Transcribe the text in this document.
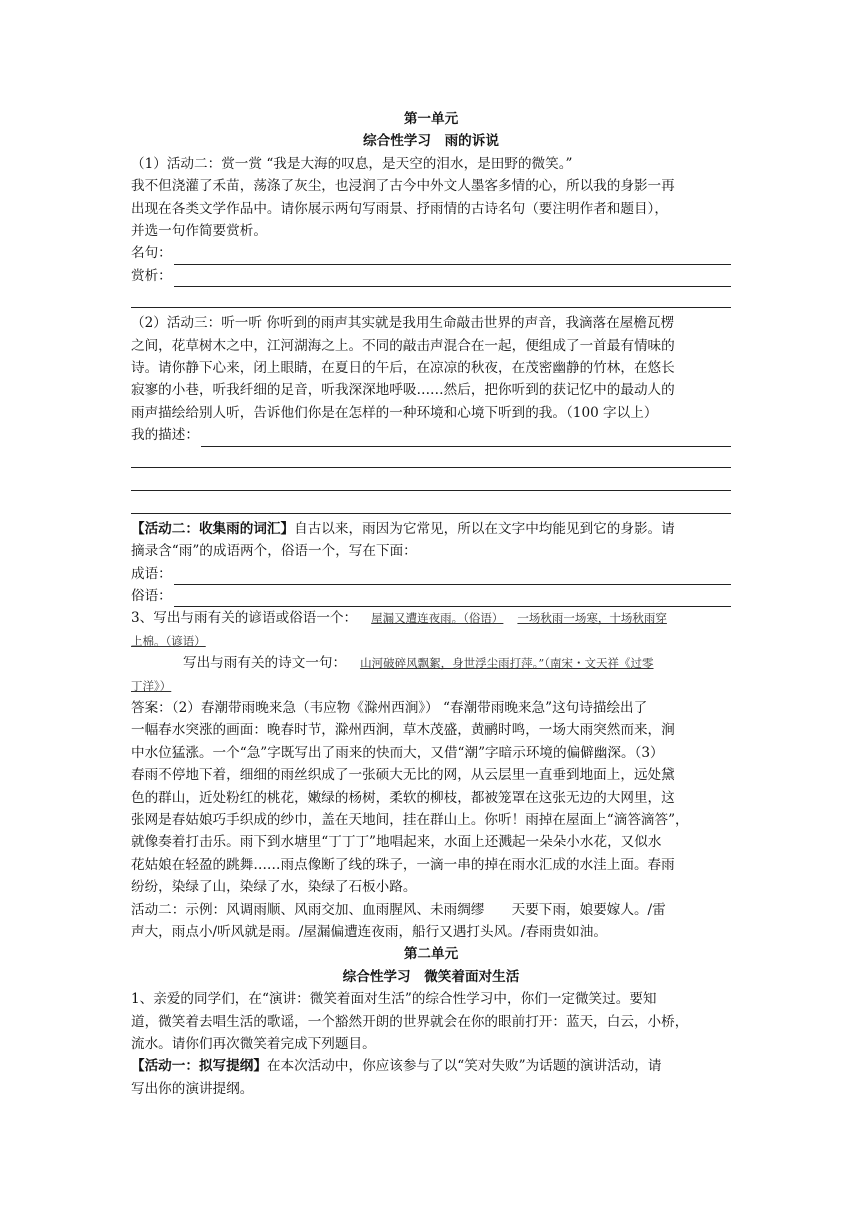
第一单元
综合性学习　雨的诉说
（1）活动二：赏一赏 “我是大海的叹息，是天空的泪水，是田野的微笑。”
我不但浇灌了禾苗，荡涤了灰尘，也浸润了古今中外文人墨客多情的心，所以我的身影一再
出现在各类文学作品中。请你展示两句写雨景、抒雨情的古诗名句（要注明作者和题目），
并选一句作简要赏析。
名句：
赏析：
（2）活动三：听一听 你听到的雨声其实就是我用生命敲击世界的声音，我滴落在屋檐瓦楞
之间，花草树木之中，江河湖海之上。不同的敲击声混合在一起，便组成了一首最有情味的
诗。请你静下心来，闭上眼睛，在夏日的午后，在凉凉的秋夜，在茂密幽静的竹林，在悠长
寂寥的小巷，听我纤细的足音，听我深深地呼吸……然后，把你听到的获记忆中的最动人的
雨声描绘给别人听，告诉他们你是在怎样的一种环境和心境下听到的我。（100 字以上）
我的描述：
【活动二：收集雨的词汇】自古以来，雨因为它常见，所以在文字中均能见到它的身影。请
摘录含“雨”的成语两个，俗语一个，写在下面：
成语：
俗语：
3、写出与雨有关的谚语或俗语一个： 屋漏又遭连夜雨。（俗语） 一场秋雨一场寒，十场秋雨穿
上棉。（谚语）
写出与雨有关的诗文一句： 山河破碎风飘絮，身世浮尘雨打萍。”（南宋・文天祥《过零
丁洋》）
答案：（2）春潮带雨晚来急（韦应物《滁州西涧》） “春潮带雨晚来急”这句诗描绘出了
一幅春水突涨的画面：晚春时节，滁州西涧，草木茂盛，黄鹂时鸣，一场大雨突然而来，涧
中水位猛涨。一个“急”字既写出了雨来的快而大，又借“潮”字暗示环境的偏僻幽深。（3）
春雨不停地下着，细细的雨丝织成了一张硕大无比的网，从云层里一直垂到地面上，远处黛
色的群山，近处粉红的桃花，嫩绿的杨树，柔软的柳枝，都被笼罩在这张无边的大网里，这
张网是春姑娘巧手织成的纱巾，盖在天地间，挂在群山上。你听！雨掉在屋面上“滴答滴答”，
就像奏着打击乐。雨下到水塘里“丁丁丁”地唱起来，水面上还溅起一朵朵小水花，又似水
花姑娘在轻盈的跳舞……雨点像断了线的珠子，一滴一串的掉在雨水汇成的水洼上面。春雨
纷纷，染绿了山，染绿了水，染绿了石板小路。
活动二：示例：风调雨顺、风雨交加、血雨腥风、未雨绸缪　　天要下雨，娘要嫁人。/雷
声大，雨点小/听风就是雨。/屋漏偏遭连夜雨，船行又遇打头风。/春雨贵如油。
第二单元
综合性学习　微笑着面对生活
1、亲爱的同学们，在“演讲：微笑着面对生活”的综合性学习中，你们一定微笑过。要知
道，微笑着去唱生活的歌谣，一个豁然开朗的世界就会在你的眼前打开：蓝天，白云，小桥，
流水。请你们再次微笑着完成下列题目。
【活动一：拟写提纲】在本次活动中，你应该参与了以“笑对失败”为话题的演讲活动，请
写出你的演讲提纲。
